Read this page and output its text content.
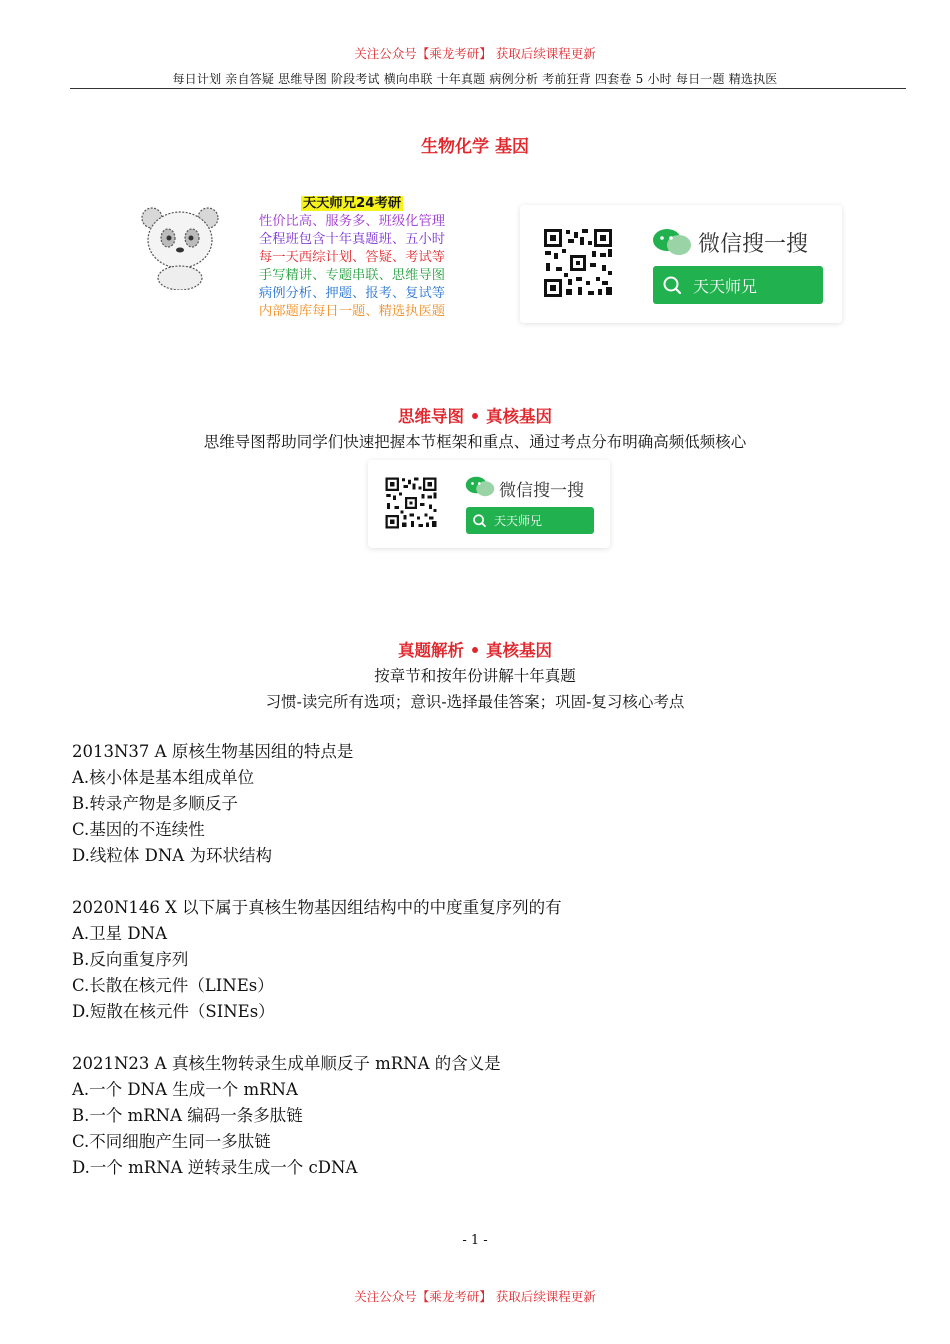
关注公众号【乘龙考研】 获取后续课程更新
每日计划 亲自答疑 思维导图 阶段考试 横向串联 十年真题 病例分析 考前狂背 四套卷 5 小时 每日一题 精选执医
生物化学 基因
天天师兄24考研
性价比高、服务多、班级化管理
全程班包含十年真题班、五小时
每一天西综计划、答疑、考试等
手写精讲、专题串联、思维导图
病例分析、押题、报考、复试等
内部题库每日一题、精选执医题
微信搜一搜
天天师兄
思维导图 • 真核基因
思维导图帮助同学们快速把握本节框架和重点、通过考点分布明确高频低频核心
微信搜一搜
天天师兄
真题解析 • 真核基因
按章节和按年份讲解十年真题
习惯-读完所有选项；意识-选择最佳答案；巩固-复习核心考点
2013N37 A 原核生物基因组的特点是
A.核小体是基本组成单位
B.转录产物是多顺反子
C.基因的不连续性
D.线粒体 DNA 为环状结构
2020N146 X 以下属于真核生物基因组结构中的中度重复序列的有
A.卫星 DNA
B.反向重复序列
C.长散在核元件（LINEs）
D.短散在核元件（SINEs）
2021N23 A 真核生物转录生成单顺反子 mRNA 的含义是
A.一个 DNA 生成一个 mRNA
B.一个 mRNA 编码一条多肽链
C.不同细胞产生同一多肽链
D.一个 mRNA 逆转录生成一个 cDNA
- 1 -
关注公众号【乘龙考研】 获取后续课程更新
